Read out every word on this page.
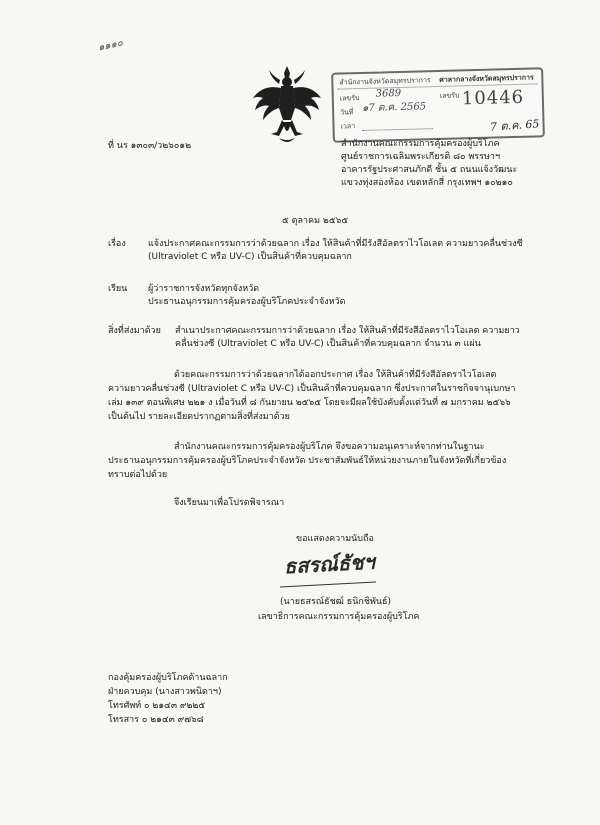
๑๑๑๐
สำนักงานจังหวัดสมุทรปราการ ศาลากลางจังหวัดสมุทรปราการ
เลขรับ 3689
วันที่ ๑7 ต.ค. 2565
เวลา
เลขรับ 10446
7 ต.ค. 65
ที่ นร ๑๓๐๓/ว๒๖๐๑๒	สำนักงานคณะกรรมการคุ้มครองผู้บริโภค
ศูนย์ราชการเฉลิมพระเกียรติ ๘๐ พรรษาฯ
อาคารรัฐประศาสนภักดี ชั้น ๕ ถนนแจ้งวัฒนะ
แขวงทุ่งสองห้อง เขตหลักสี่ กรุงเทพฯ ๑๐๒๑๐
๕ ตุลาคม ๒๕๖๕
เรื่อง แจ้งประกาศคณะกรรมการว่าด้วยฉลาก เรื่อง ให้สินค้าที่มีรังสีอัลตราไวโอเลต ความยาวคลื่นช่วงซี
(Ultraviolet C หรือ UV-C) เป็นสินค้าที่ควบคุมฉลาก
เรียน ผู้ว่าราชการจังหวัดทุกจังหวัด
ประธานอนุกรรมการคุ้มครองผู้บริโภคประจำจังหวัด
สิ่งที่ส่งมาด้วย สำเนาประกาศคณะกรรมการว่าด้วยฉลาก เรื่อง ให้สินค้าที่มีรังสีอัลตราไวโอเลต ความยาว
คลื่นช่วงซี (Ultraviolet C หรือ UV-C) เป็นสินค้าที่ควบคุมฉลาก จำนวน ๓ แผ่น
ด้วยคณะกรรมการว่าด้วยฉลากได้ออกประกาศ เรื่อง ให้สินค้าที่มีรังสีอัลตราไวโอเลต
ความยาวคลื่นช่วงซี (Ultraviolet C หรือ UV-C) เป็นสินค้าที่ควบคุมฉลาก ซึ่งประกาศในราชกิจจานุเบกษา
เล่ม ๑๓๙ ตอนพิเศษ ๒๒๑ ง เมื่อวันที่ ๘ กันยายน ๒๕๖๕ โดยจะมีผลใช้บังคับตั้งแต่วันที่ ๗ มกราคม ๒๕๖๖
เป็นต้นไป รายละเอียดปรากฏตามสิ่งที่ส่งมาด้วย
สำนักงานคณะกรรมการคุ้มครองผู้บริโภค จึงขอความอนุเคราะห์จากท่านในฐานะ
ประธานอนุกรรมการคุ้มครองผู้บริโภคประจำจังหวัด ประชาสัมพันธ์ให้หน่วยงานภายในจังหวัดที่เกี่ยวข้อง
ทราบต่อไปด้วย
จึงเรียนมาเพื่อโปรดพิจารณา
ขอแสดงความนับถือ
ธสรณ์ธัชฯ
(นายธสรณ์ธัชฒ์ ธนิกชิพันธ์)
เลขาธิการคณะกรรมการคุ้มครองผู้บริโภค
กองคุ้มครองผู้บริโภคด้านฉลาก
ฝ่ายควบคุม (นางสาวพนิดาฯ)
โทรศัพท์ ๐ ๒๑๔๓ ๙๒๒๕
โทรสาร ๐ ๒๑๔๓ ๙๗๖๘
